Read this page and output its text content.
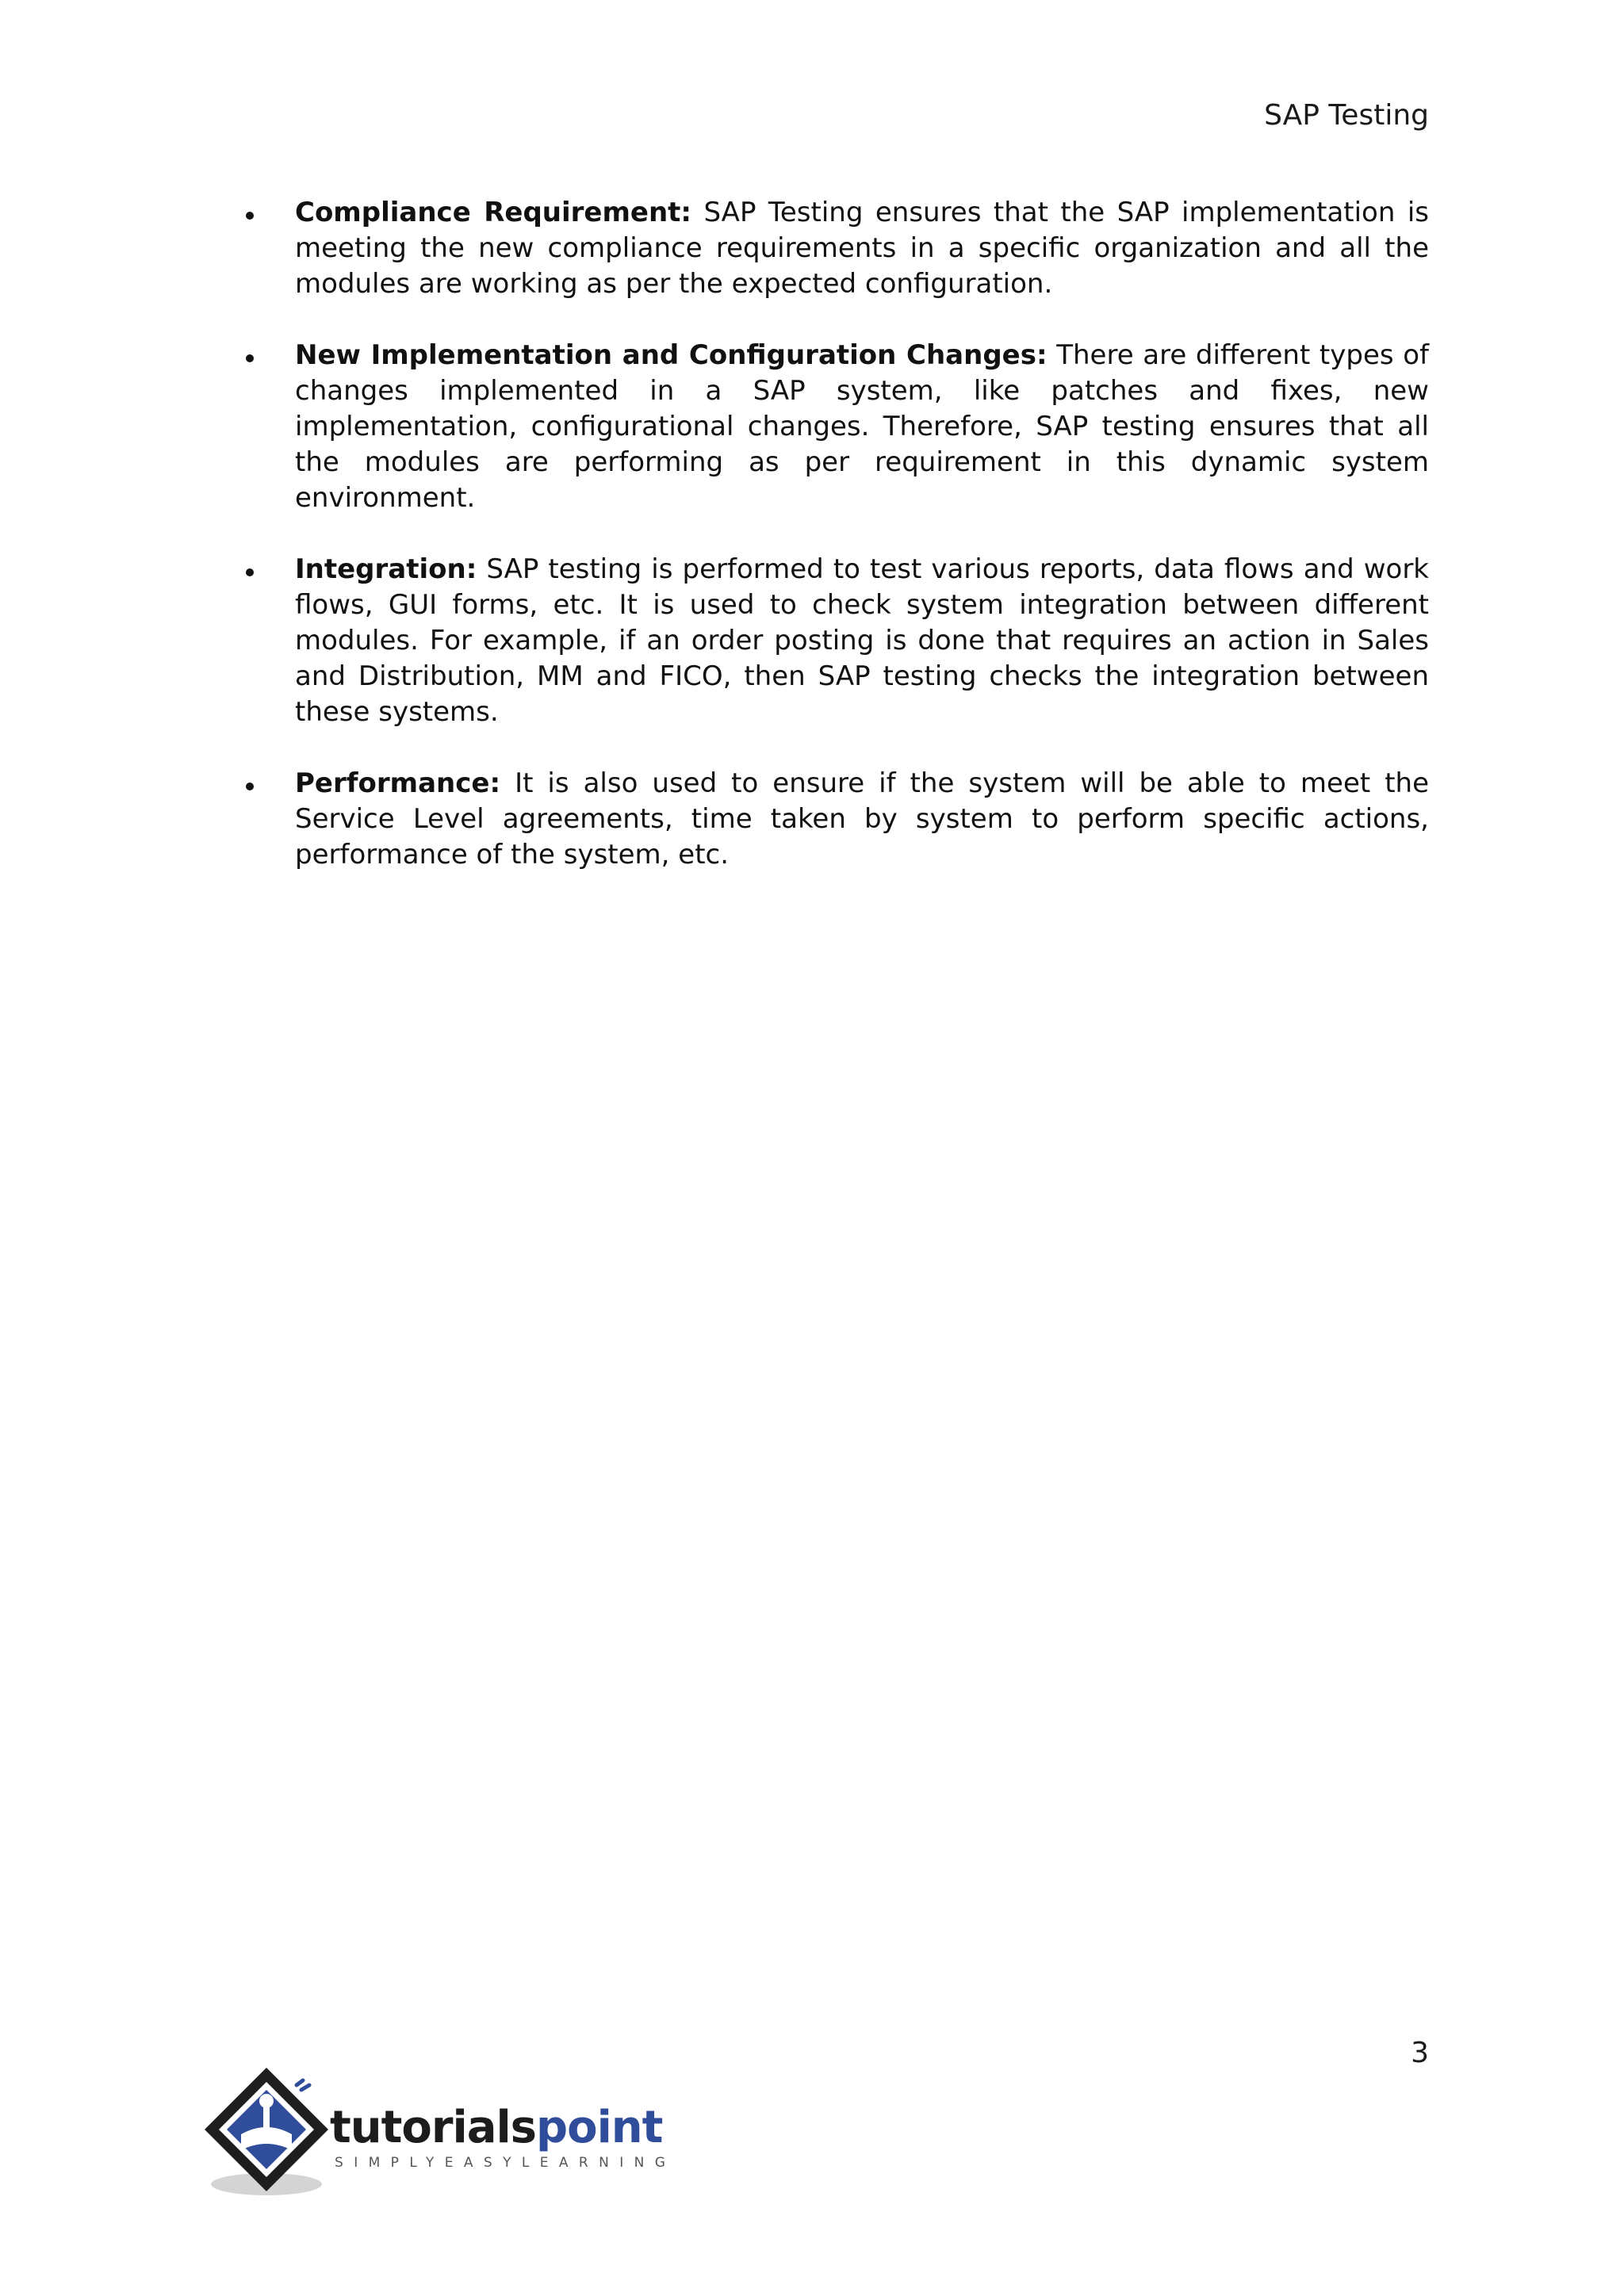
SAP Testing
Compliance Requirement: SAP Testing ensures that the SAP implementation is meeting the new compliance requirements in a specific organization and all the modules are working as per the expected configuration.
New Implementation and Configuration Changes: There are different types of changes implemented in a SAP system, like patches and fixes, new implementation, configurational changes. Therefore, SAP testing ensures that all the modules are performing as per requirement in this dynamic system environment.
Integration: SAP testing is performed to test various reports, data flows and work flows, GUI forms, etc. It is used to check system integration between different modules. For example, if an order posting is done that requires an action in Sales and Distribution, MM and FICO, then SAP testing checks the integration between these systems.
Performance: It is also used to ensure if the system will be able to meet the Service Level agreements, time taken by system to perform specific actions, performance of the system, etc.
3
tutorialspoint
SIMPLYEASYLEARNING
